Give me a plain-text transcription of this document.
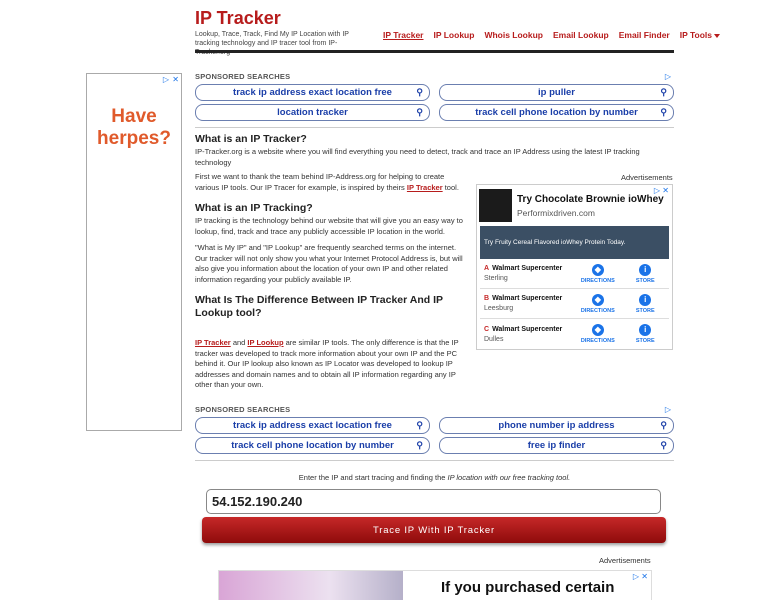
IP Tracker
Lookup, Trace, Track, Find My IP Location with IP tracking technology and IP tracer tool from IP-
IP Tracker	IP Lookup	Whois Lookup	Email Lookup	Email Finder	IP Tools
▷ ✕
Have herpes?
SPONSORED SEARCHES	▷
track ip address exact location free	⚲	ip puller	⚲
location tracker	⚲	track cell phone location by number	⚲
What is an IP Tracker?

IP-Tracker.org is a website where you will find everything you need to detect, track and trace an IP Address using the latest IP tracking technology

First we want to thank the team behind IP-Address.org for helping to create various IP tools. Our IP Tracer for example, is inspired by theirs IP Tracker tool.

What is an IP Tracking?

IP tracking is the technology behind our website that will give you an easy way to lookup, find, track and trace any publicly accessible IP location in the world.

"What is My IP" and "IP Lookup" are frequently searched terms on the internet. Our tracker will not only show you what your Internet Protocol Address is, but will also give you information about the location of your own IP and other related information regarding your publicly available IP.

What Is The Difference Between IP Tracker And IP Lookup tool?

IP Tracker and IP Lookup are similar IP tools. The only difference is that the IP tracker was developed to track more information about your own IP and the PC behind it. Our IP lookup also known as IP Locator was developed to lookup IP addresses and domain names and to obtain all IP information regarding any IP other than your own.

Advertisements
▷ ✕
Try Chocolate Brownie ioWhey
Performixdriven.com
Try Fruity Cereal Flavored ioWhey Protein Today.
A Walmart Supercenter
Sterling
◆
DIRECTIONS
i
STORE
B Walmart Supercenter
Leesburg
◆
DIRECTIONS
i
STORE
C Walmart Supercenter
Dulles
◆
DIRECTIONS
i
STORE
SPONSORED SEARCHES	▷
track ip address exact location free	⚲	phone number ip address	⚲
track cell phone location by number	⚲	free ip finder	⚲
Enter the IP and start tracing and finding the IP location with our free tracking tool.
54.152.190.240
Trace IP With IP Tracker
Advertisements
If you purchased certain
▷ ✕
